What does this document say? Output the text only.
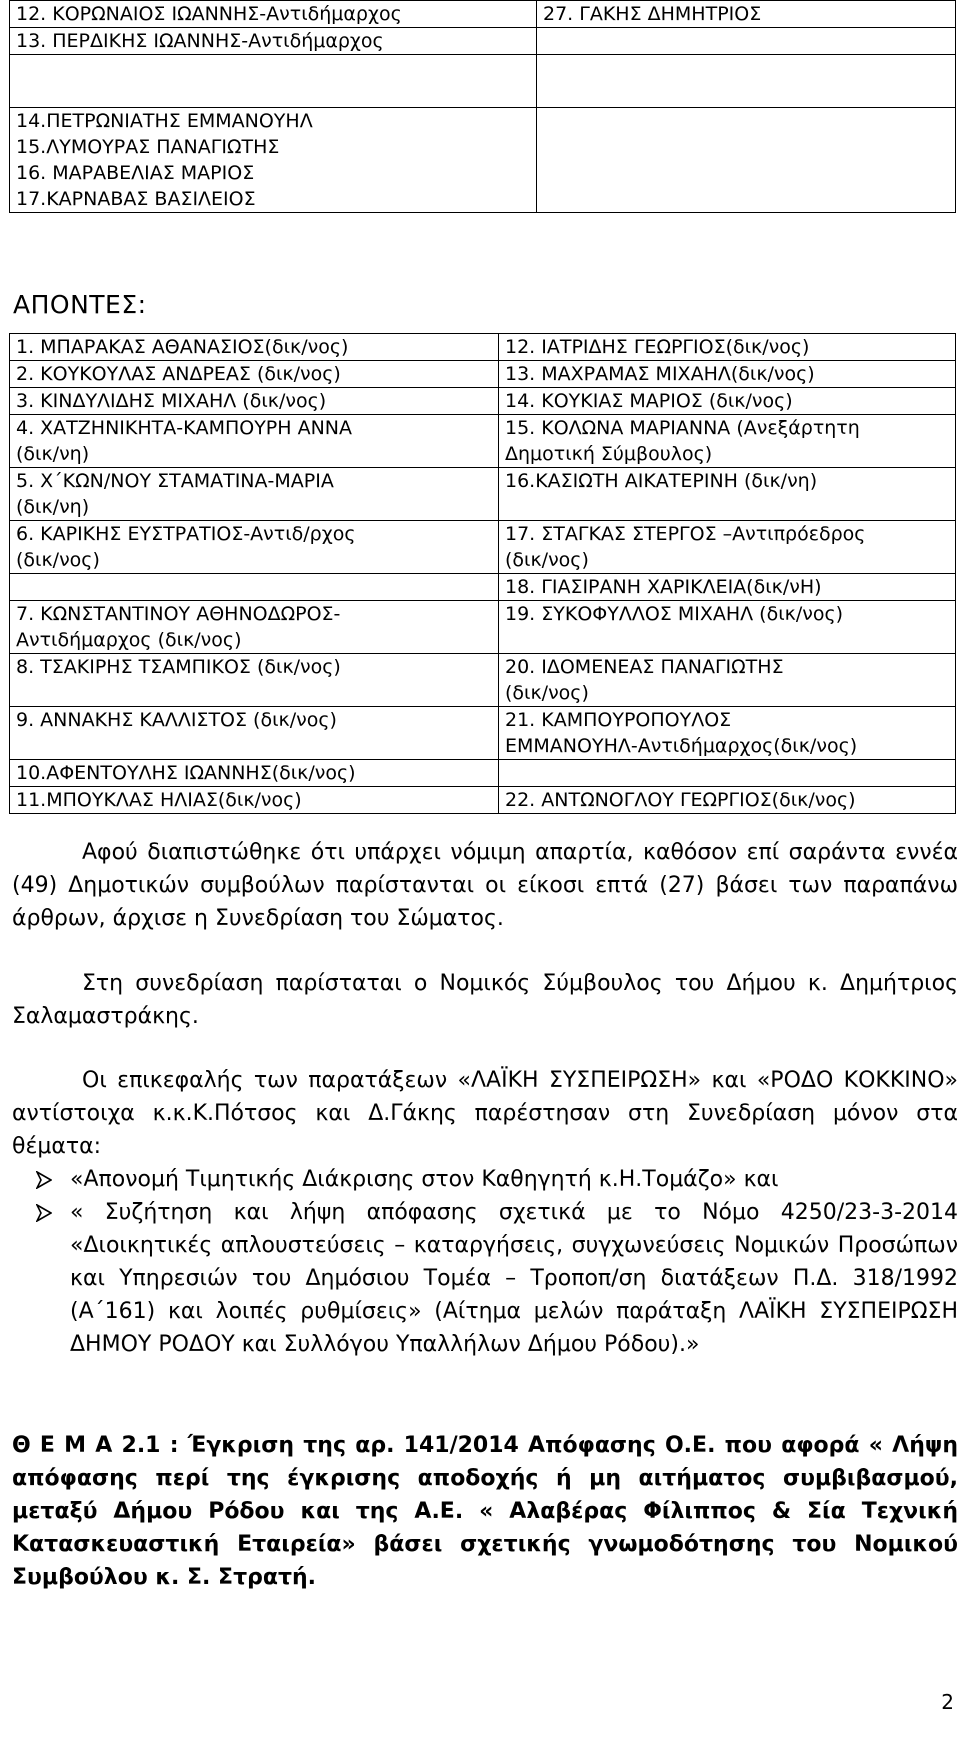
12. ΚΟΡΩΝΑΙΟΣ ΙΩΑΝΝΗΣ-Αντιδήμαρχος	27. ΓΑΚΗΣ ΔΗΜΗΤΡΙΟΣ

13. ΠΕΡΔΙΚΗΣ ΙΩΑΝΝΗΣ-Αντιδήμαρχος	

14.ΠΕΤΡΩΝΙΑΤΗΣ ΕΜΜΑΝΟΥΗΛ
15.ΛΥΜΟΥΡΑΣ ΠΑΝΑΓΙΩΤΗΣ
16. ΜΑΡΑΒΕΛΙΑΣ ΜΑΡΙΟΣ
17.ΚΑΡΝΑΒΑΣ ΒΑΣΙΛΕΙΟΣ	

ΑΠΟΝΤΕΣ:
1. ΜΠΑΡΑΚΑΣ ΑΘΑΝΑΣΙΟΣ(δικ/νος)	12. ΙΑΤΡΙΔΗΣ ΓΕΩΡΓΙΟΣ(δικ/νος)

2. ΚΟΥΚΟΥΛΑΣ ΑΝΔΡΕΑΣ (δικ/νος)	13. ΜΑΧΡΑΜΑΣ ΜΙΧΑΗΛ(δικ/νος)

3. ΚΙΝΔΥΛΙΔΗΣ ΜΙΧΑΗΛ (δικ/νος)	14. ΚΟΥΚΙΑΣ ΜΑΡΙΟΣ (δικ/νος)

4. ΧΑΤΖΗΝΙΚΗΤΑ-ΚΑΜΠΟΥΡΗ ΑΝΝΑ
(δικ/νη)	15. ΚΟΛΩΝΑ ΜΑΡΙΑΝΝΑ (Ανεξάρτητη
Δημοτική Σύμβουλος)

5. Χ΄ΚΩΝ/ΝΟΥ ΣΤΑΜΑΤΙΝΑ-ΜΑΡΙΑ
(δικ/νη)	16.ΚΑΣΙΩΤΗ ΑΙΚΑΤΕΡΙΝΗ (δικ/νη)

6. ΚΑΡΙΚΗΣ ΕΥΣΤΡΑΤΙΟΣ-Αντιδ/ρχος
(δικ/νος)	17. ΣΤΑΓΚΑΣ ΣΤΕΡΓΟΣ –Αντιπρόεδρος
(δικ/νος)

	18. ΓΙΑΣΙΡΑΝΗ ΧΑΡΙΚΛΕΙΑ(δικ/νΗ)

7. ΚΩΝΣΤΑΝΤΙΝΟΥ ΑΘΗΝΟΔΩΡΟΣ-
Αντιδήμαρχος (δικ/νος)	19. ΣΥΚΟΦΥΛΛΟΣ ΜΙΧΑΗΛ (δικ/νος)

8. ΤΣΑΚΙΡΗΣ ΤΣΑΜΠΙΚΟΣ (δικ/νος)	20. ΙΔΟΜΕΝΕΑΣ ΠΑΝΑΓΙΩΤΗΣ
(δικ/νος)

9. ΑΝΝΑΚΗΣ ΚΑΛΛΙΣΤΟΣ (δικ/νος)	21. ΚΑΜΠΟΥΡΟΠΟΥΛΟΣ
ΕΜΜΑΝΟΥΗΛ-Αντιδήμαρχος(δικ/νος)

10.ΑΦΕΝΤΟΥΛΗΣ ΙΩΑΝΝΗΣ(δικ/νος)	

11.ΜΠΟΥΚΛΑΣ ΗΛΙΑΣ(δικ/νος)	22. ΑΝΤΩΝΟΓΛΟΥ ΓΕΩΡΓΙΟΣ(δικ/νος)

Αφού διαπιστώθηκε ότι υπάρχει νόμιμη απαρτία, καθόσον επί σαράντα εννέα (49) Δημοτικών συμβούλων παρίστανται οι είκοσι επτά (27) βάσει των παραπάνω άρθρων, άρχισε η Συνεδρίαση του Σώματος.

Στη συνεδρίαση παρίσταται ο Νομικός Σύμβουλος του Δήμου κ. Δημήτριος Σαλαμαστράκης.

Οι επικεφαλής των παρατάξεων «ΛΑΪΚΗ ΣΥΣΠΕΙΡΩΣΗ» και «ΡΟΔΟ ΚΟΚΚΙΝΟ» αντίστοιχα κ.κ.Κ.Πότσος και Δ.Γάκης παρέστησαν στη Συνεδρίαση μόνον στα θέματα:

«Απονομή Τιμητικής Διάκρισης στον Καθηγητή κ.Η.Τομάζο» και
« Συζήτηση και λήψη απόφασης σχετικά με το Νόμο 4250/23-3-2014 «Διοικητικές απλουστεύσεις – καταργήσεις, συγχωνεύσεις Νομικών Προσώπων και Υπηρεσιών του Δημόσιου Τομέα – Τροποπ/ση διατάξεων Π.Δ. 318/1992 (Α΄161) και λοιπές ρυθμίσεις» (Αίτημα μελών παράταξη ΛΑΪΚΗ ΣΥΣΠΕΙΡΩΣΗ ΔΗΜΟΥ ΡΟΔΟΥ και Συλλόγου Υπαλλήλων Δήμου Ρόδου).»
Θ Ε Μ Α 2.1 : Έγκριση της αρ. 141/2014 Απόφασης Ο.Ε. που αφορά « Λήψη απόφασης περί της έγκρισης αποδοχής ή μη αιτήματος συμβιβασμού, μεταξύ Δήμου Ρόδου και της Α.Ε. « Αλαβέρας Φίλιππος & Σία Τεχνική Κατασκευαστική Εταιρεία» βάσει σχετικής γνωμοδότησης του Νομικού Συμβούλου κ. Σ. Στρατή.
2
